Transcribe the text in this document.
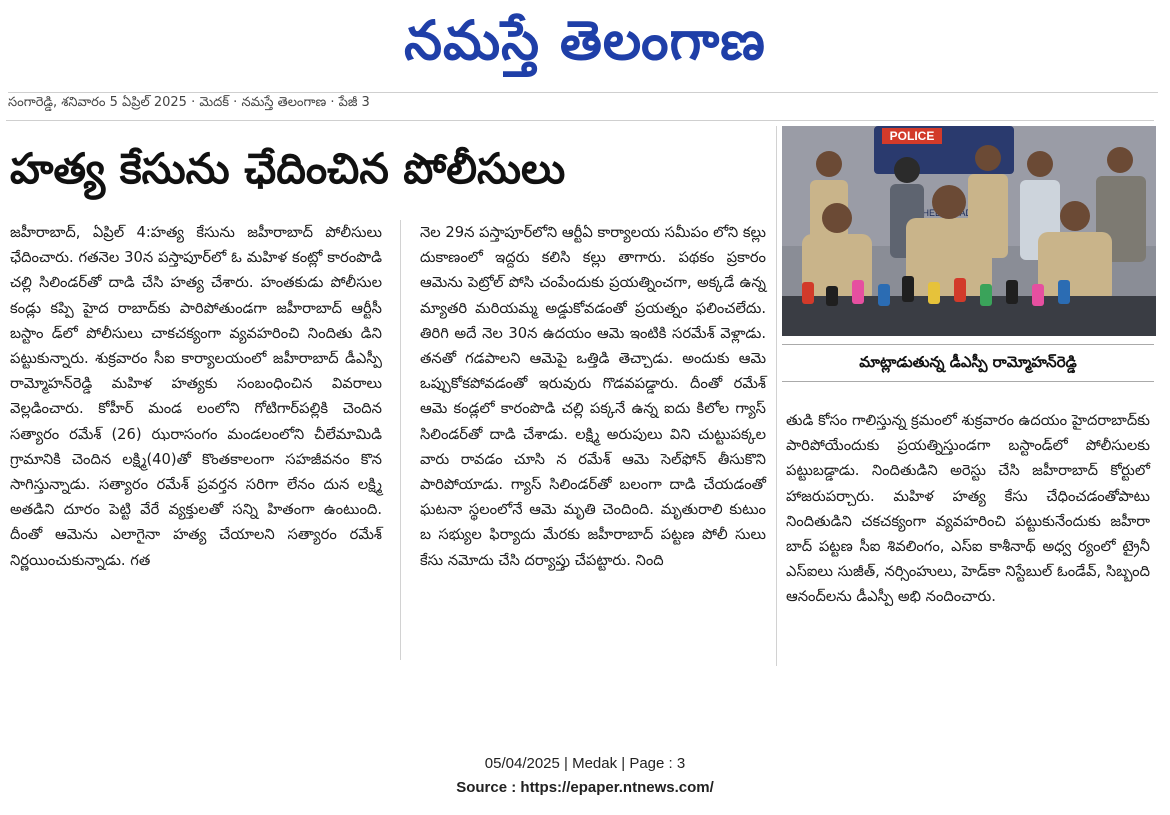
నమస్తే తెలంగాణ
సంగారెడ్డి, శనివారం 5 ఏప్రిల్ 2025 · మెదక్ · నమస్తే తెలంగాణ · పేజీ 3
హత్య కేసును ఛేదించిన పోలీసులు
జహీరాబాద్, ఏప్రిల్ 4:హత్య కేసును జహీరాబాద్ పోలీసులు ఛేదించారు. గతనెల 30న పస్తాపూర్‌లో ఓ మహిళ కంట్లో కారంపొడి చల్లి సిలిండర్‌తో దాడి చేసి హత్య చేశారు. హంతకుడు పోలీసుల కండ్లు కప్పి హైద రాబాద్‌కు పారిపోతుండగా జహీరాబాద్ ఆర్టీసీ బస్టాం డ్‌లో పోలీసులు చాకచక్యంగా వ్యవహరించి నిందితు డిని పట్టుకున్నారు. శుక్రవారం సీఐ కార్యాలయంలో జహీరాబాద్ డీఎస్పీ రామ్మోహన్‌రెడ్డి మహిళ హత్యకు సంబంధించిన వివరాలు వెల్లడించారు. కోహీర్ మండ లంలోని గోటిగార్‌పల్లికి చెందిన సత్యారం రమేశ్ (26) ఝరాసంగం మండలంలోని చీలేమామిడి గ్రామానికి చెందిన లక్ష్మి(40)తో కొంతకాలంగా సహజీవనం కొన సాగిస్తున్నాడు. సత్యారం రమేశ్ ప్రవర్తన సరిగా లేనం దున లక్ష్మి అతడిని దూరం పెట్టి వేరే వ్యక్తులతో సన్ని హితంగా ఉంటుంది. దీంతో ఆమెను ఎలాగైనా హత్య చేయాలని సత్యారం రమేశ్ నిర్ణయించుకున్నాడు. గత
నెల 29న పస్తాపూర్‌లోని ఆర్టీఏ కార్యాలయ సమీపం లోని కల్లు దుకాణంలో ఇద్దరు కలిసి కల్లు తాగారు. పథకం ప్రకారం ఆమెను పెట్రోల్ పోసి చంపేందుకు ప్రయత్నించగా, అక్కడే ఉన్న మ్యాతరి మరియమ్మ అడ్డుకోవడంతో ప్రయత్నం ఫలించలేదు. తిరిగి అదే నెల 30న ఉదయం ఆమె ఇంటికి సరమేశ్ వెళ్లాడు. తనతో గడపాలని ఆమెపై ఒత్తిడి తెచ్చాడు. అందుకు ఆమె ఒప్పుకోకపోవడంతో ఇరువురు గొడవపడ్డారు. దీంతో రమేశ్ ఆమె కండ్లలో కారంపొడి చల్లి పక్కనే ఉన్న ఐదు కిలోల గ్యాస్ సిలిండర్‌తో దాడి చేశాడు. లక్ష్మి అరుపులు విని చుట్టుపక్కల వారు రావడం చూసి న రమేశ్ ఆమె సెల్‌ఫోన్ తీసుకొని పారిపోయాడు. గ్యాస్ సిలిండర్‌తో బలంగా దాడి చేయడంతో ఘటనా స్థలంలోనే ఆమె మృతి చెందింది. మృతురాలి కుటుం బ సభ్యుల ఫిర్యాదు మేరకు జహీరాబాద్ పట్టణ పోలీ సులు కేసు నమోదు చేసి దర్యాప్తు చేపట్టారు. నింది
POLICE
మాట్లాడుతున్న డీఎస్పీ రామ్మోహన్‌రెడ్డి
తుడి కోసం గాలిస్తున్న క్రమంలో శుక్రవారం ఉదయం హైదరాబాద్‌కు పారిపోయేందుకు ప్రయత్నిస్తుండగా బస్టాండ్‌లో పోలీసులకు పట్టుబడ్డాడు. నిందితుడిని అరెస్టు చేసి జహీరాబాద్ కోర్టులో హాజరుపర్చారు. మహిళ హత్య కేసు చేధించడంతోపాటు నిందితుడిని చకచక్యంగా వ్యవహరించి పట్టుకునేందుకు జహీరా బాద్ పట్టణ సీఐ శివలింగం, ఎస్ఐ కాశీనాథ్ అధ్వ ర్యంలో ట్రైనీ ఎస్ఐలు సుజీత్, నర్సింహులు, హెడ్‌కా నిస్టేబుల్ ఓండేవ్, సిబ్బంది ఆనంద్‌లను డీఎస్పీ అభి నందించారు.
05/04/2025 | Medak | Page : 3
Source : https://epaper.ntnews.com/
